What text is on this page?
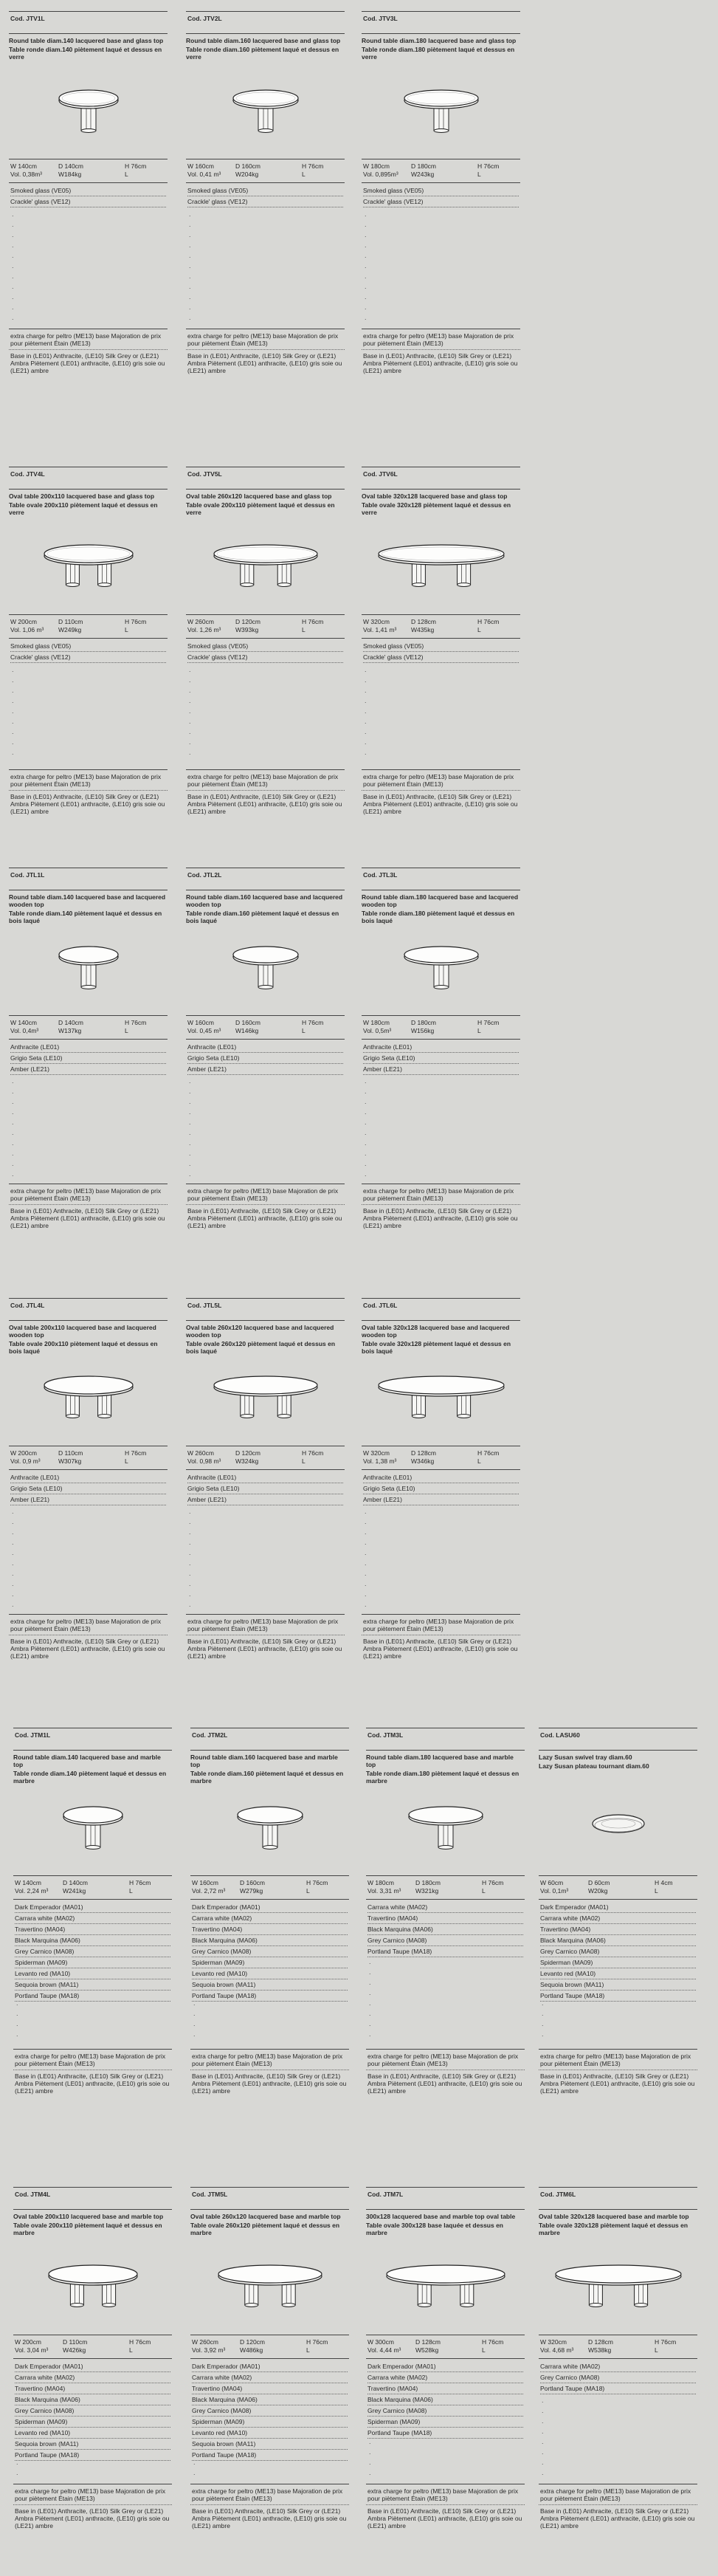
Cod. JTV1L
Round table diam.140 lacquered base and glass top
Table ronde diam.140 piètement laqué et dessus en verre
W 140cm	D 140cm	H 76cm
Vol. 0,38m³	W184kg	L
Smoked glass (VE05)
Crackle' glass (VE12)
.
.
.
.
.
.
.
.
.
.
.

extra charge for peltro (ME13) base Majoration de prix pour piètement Étain (ME13)
Base in (LE01) Anthracite, (LE10) Silk Grey or (LE21) Ambra Piètement (LE01) anthracite, (LE10) gris soie ou (LE21) ambre
Cod. JTV2L
Round table diam.160 lacquered base and glass top
Table ronde diam.160 piètement laqué et dessus en verre
W 160cm	D 160cm	H 76cm
Vol. 0,41 m³	W204kg	L
Smoked glass (VE05)
Crackle' glass (VE12)
.
.
.
.
.
.
.
.
.
.
.

extra charge for peltro (ME13) base Majoration de prix pour piètement Étain (ME13)
Base in (LE01) Anthracite, (LE10) Silk Grey or (LE21) Ambra Piètement (LE01) anthracite, (LE10) gris soie ou (LE21) ambre
Cod. JTV3L
Round table diam.180 lacquered base and glass top
Table ronde diam.180 piètement laqué et dessus en verre
W 180cm	D 180cm	H 76cm
Vol. 0,895m³	W243kg	L
Smoked glass (VE05)
Crackle' glass (VE12)
.
.
.
.
.
.
.
.
.
.
.

extra charge for peltro (ME13) base Majoration de prix pour piètement Étain (ME13)
Base in (LE01) Anthracite, (LE10) Silk Grey or (LE21) Ambra Piètement (LE01) anthracite, (LE10) gris soie ou (LE21) ambre
Cod. JTV4L
Oval table 200x110 lacquered base and glass top
Table ovale 200x110 piètement laqué et dessus en verre
W 200cm	D 110cm	H 76cm
Vol. 1,06 m³	W249kg	L
Smoked glass (VE05)
Crackle' glass (VE12)
.
.
.
.
.
.
.
.
.

extra charge for peltro (ME13) base Majoration de prix pour piètement Étain (ME13)
Base in (LE01) Anthracite, (LE10) Silk Grey or (LE21) Ambra Piètement (LE01) anthracite, (LE10) gris soie ou (LE21) ambre
Cod. JTV5L
Oval table 260x120 lacquered base and glass top
Table ovale 200x110 piètement laqué et dessus en verre
W 260cm	D 120cm	H 76cm
Vol. 1,26 m³	W393kg	L
Smoked glass (VE05)
Crackle' glass (VE12)
.
.
.
.
.
.
.
.
.

extra charge for peltro (ME13) base Majoration de prix pour piètement Étain (ME13)
Base in (LE01) Anthracite, (LE10) Silk Grey or (LE21) Ambra Piètement (LE01) anthracite, (LE10) gris soie ou (LE21) ambre
Cod. JTV6L
Oval table 320x128 lacquered base and glass top
Table ovale 320x128 piètement laqué et dessus en verre
W 320cm	D 128cm	H 76cm
Vol. 1,41 m³	W435kg	L
Smoked glass (VE05)
Crackle' glass (VE12)
.
.
.
.
.
.
.
.
.

extra charge for peltro (ME13) base Majoration de prix pour piètement Étain (ME13)
Base in (LE01) Anthracite, (LE10) Silk Grey or (LE21) Ambra Piètement (LE01) anthracite, (LE10) gris soie ou (LE21) ambre
Cod. JTL1L
Round table diam.140 lacquered base and lacquered wooden top
Table ronde diam.140 piètement laqué et dessus en bois laqué
W 140cm	D 140cm	H 76cm
Vol. 0,4m³	W137kg	L
Anthracite (LE01)
Grigio Seta (LE10)
Amber (LE21)
.
.
.
.
.
.
.
.
.
.

extra charge for peltro (ME13) base Majoration de prix pour piètement Étain (ME13)
Base in (LE01) Anthracite, (LE10) Silk Grey or (LE21) Ambra Piètement (LE01) anthracite, (LE10) gris soie ou (LE21) ambre
Cod. JTL2L
Round table diam.160 lacquered base and lacquered wooden top
Table ronde diam.160 piètement laqué et dessus en bois laqué
W 160cm	D 160cm	H 76cm
Vol. 0,45 m³	W146kg	L
Anthracite (LE01)
Grigio Seta (LE10)
Amber (LE21)
.
.
.
.
.
.
.
.
.
.

extra charge for peltro (ME13) base Majoration de prix pour piètement Étain (ME13)
Base in (LE01) Anthracite, (LE10) Silk Grey or (LE21) Ambra Piètement (LE01) anthracite, (LE10) gris soie ou (LE21) ambre
Cod. JTL3L
Round table diam.180 lacquered base and lacquered wooden top
Table ronde diam.180 piètement laqué et dessus en bois laqué
W 180cm	D 180cm	H 76cm
Vol. 0,5m³	W156kg	L
Anthracite (LE01)
Grigio Seta (LE10)
Amber (LE21)
.
.
.
.
.
.
.
.
.
.

extra charge for peltro (ME13) base Majoration de prix pour piètement Étain (ME13)
Base in (LE01) Anthracite, (LE10) Silk Grey or (LE21) Ambra Piètement (LE01) anthracite, (LE10) gris soie ou (LE21) ambre
Cod. JTL4L
Oval table 200x110 lacquered base and lacquered wooden top
Table ovale 200x110 piètement laqué et dessus en bois laqué
W 200cm	D 110cm	H 76cm
Vol. 0,9 m³	W307kg	L
Anthracite (LE01)
Grigio Seta (LE10)
Amber (LE21)
.
.
.
.
.
.
.
.
.
.

extra charge for peltro (ME13) base Majoration de prix pour piètement Étain (ME13)
Base in (LE01) Anthracite, (LE10) Silk Grey or (LE21) Ambra Piètement (LE01) anthracite, (LE10) gris soie ou (LE21) ambre
Cod. JTL5L
Oval table 260x120 lacquered base and lacquered wooden top
Table ovale 260x120 piètement laqué et dessus en bois laqué
W 260cm	D 120cm	H 76cm
Vol. 0,98 m³	W324kg	L
Anthracite (LE01)
Grigio Seta (LE10)
Amber (LE21)
.
.
.
.
.
.
.
.
.
.

extra charge for peltro (ME13) base Majoration de prix pour piètement Étain (ME13)
Base in (LE01) Anthracite, (LE10) Silk Grey or (LE21) Ambra Piètement (LE01) anthracite, (LE10) gris soie ou (LE21) ambre
Cod. JTL6L
Oval table 320x128 lacquered base and lacquered wooden top
Table ovale 320x128 piètement laqué et dessus en bois laqué
W 320cm	D 128cm	H 76cm
Vol. 1,38 m³	W346kg	L
Anthracite (LE01)
Grigio Seta (LE10)
Amber (LE21)
.
.
.
.
.
.
.
.
.
.

extra charge for peltro (ME13) base Majoration de prix pour piètement Étain (ME13)
Base in (LE01) Anthracite, (LE10) Silk Grey or (LE21) Ambra Piètement (LE01) anthracite, (LE10) gris soie ou (LE21) ambre
Cod. JTM1L
Round table diam.140 lacquered base and marble top
Table ronde diam.140 piètement laqué et dessus en marbre
W 140cm	D 140cm	H 76cm
Vol. 2,24 m³	W241kg	L
Dark Emperador (MA01)
Carrara white (MA02)
Travertino (MA04)
Black Marquina (MA06)
Grey Carnico (MA08)
Spiderman (MA09)
Levanto red (MA10)
Sequoia brown (MA11)
Portland Taupe (MA18)
.
.
.
.

extra charge for peltro (ME13) base Majoration de prix pour piètement Étain (ME13)
Base in (LE01) Anthracite, (LE10) Silk Grey or (LE21) Ambra Piètement (LE01) anthracite, (LE10) gris soie ou (LE21) ambre
Cod. JTM2L
Round table diam.160 lacquered base and marble top
Table ronde diam.160 piètement laqué et dessus en marbre
W 160cm	D 160cm	H 76cm
Vol. 2,72 m³	W279kg	L
Dark Emperador (MA01)
Carrara white (MA02)
Travertino (MA04)
Black Marquina (MA06)
Grey Carnico (MA08)
Spiderman (MA09)
Levanto red (MA10)
Sequoia brown (MA11)
Portland Taupe (MA18)
.
.
.
.

extra charge for peltro (ME13) base Majoration de prix pour piètement Étain (ME13)
Base in (LE01) Anthracite, (LE10) Silk Grey or (LE21) Ambra Piètement (LE01) anthracite, (LE10) gris soie ou (LE21) ambre
Cod. JTM3L
Round table diam.180 lacquered base and marble top
Table ronde diam.180 piètement laqué et dessus en marbre
W 180cm	D 180cm	H 76cm
Vol. 3,31 m³	W321kg	L
Carrara white (MA02)
Travertino (MA04)
Black Marquina (MA06)
Grey Carnico (MA08)
Portland Taupe (MA18)
.
.
.
.
.
.
.
.

extra charge for peltro (ME13) base Majoration de prix pour piètement Étain (ME13)
Base in (LE01) Anthracite, (LE10) Silk Grey or (LE21) Ambra Piètement (LE01) anthracite, (LE10) gris soie ou (LE21) ambre
Cod. LASU60
Lazy Susan swivel tray diam.60
Lazy Susan plateau tournant diam.60
W 60cm	D 60cm	H 4cm
Vol. 0,1m³	W20kg	L
Dark Emperador (MA01)
Carrara white (MA02)
Travertino (MA04)
Black Marquina (MA06)
Grey Carnico (MA08)
Spiderman (MA09)
Levanto red (MA10)
Sequoia brown (MA11)
Portland Taupe (MA18)
.
.
.
.

extra charge for peltro (ME13) base Majoration de prix pour piètement Étain (ME13)
Base in (LE01) Anthracite, (LE10) Silk Grey or (LE21) Ambra Piètement (LE01) anthracite, (LE10) gris soie ou (LE21) ambre
Cod. JTM4L
Oval table 200x110 lacquered base and marble top
Table ovale 200x110 piètement laqué et dessus en marbre
W 200cm	D 110cm	H 76cm
Vol. 3,04 m³	W426kg	L
Dark Emperador (MA01)
Carrara white (MA02)
Travertino (MA04)
Black Marquina (MA06)
Grey Carnico (MA08)
Spiderman (MA09)
Levanto red (MA10)
Sequoia brown (MA11)
Portland Taupe (MA18)
.
.

extra charge for peltro (ME13) base Majoration de prix pour piètement Étain (ME13)
Base in (LE01) Anthracite, (LE10) Silk Grey or (LE21) Ambra Piètement (LE01) anthracite, (LE10) gris soie ou (LE21) ambre
Cod. JTM5L
Oval table 260x120 lacquered base and marble top
Table ovale 260x120 piètement laqué et dessus en marbre
W 260cm	D 120cm	H 76cm
Vol. 3,92 m³	W486kg	L
Dark Emperador (MA01)
Carrara white (MA02)
Travertino (MA04)
Black Marquina (MA06)
Grey Carnico (MA08)
Spiderman (MA09)
Levanto red (MA10)
Sequoia brown (MA11)
Portland Taupe (MA18)
.
.

extra charge for peltro (ME13) base Majoration de prix pour piètement Étain (ME13)
Base in (LE01) Anthracite, (LE10) Silk Grey or (LE21) Ambra Piètement (LE01) anthracite, (LE10) gris soie ou (LE21) ambre
Cod. JTM7L
300x128 lacquered base and marble top oval table
Table ovale 300x128 base laquée et dessus en marbre
W 300cm	D 128cm	H 76cm
Vol. 4,44 m³	W528kg	L
Dark Emperador (MA01)
Carrara white (MA02)
Travertino (MA04)
Black Marquina (MA06)
Grey Carnico (MA08)
Spiderman (MA09)
Portland Taupe (MA18)
.
.
.
.

extra charge for peltro (ME13) base Majoration de prix pour piètement Étain (ME13)
Base in (LE01) Anthracite, (LE10) Silk Grey or (LE21) Ambra Piètement (LE01) anthracite, (LE10) gris soie ou (LE21) ambre
Cod. JTM6L
Oval table 320x128 lacquered base and marble top
Table ovale 320x128 piètement laqué et dessus en marbre
W 320cm	D 128cm	H 76cm
Vol. 4,68 m³	W538kg	L
Carrara white (MA02)
Grey Carnico (MA08)
Portland Taupe (MA18)
.
.
.
.
.
.
.
.

extra charge for peltro (ME13) base Majoration de prix pour piètement Étain (ME13)
Base in (LE01) Anthracite, (LE10) Silk Grey or (LE21) Ambra Piètement (LE01) anthracite, (LE10) gris soie ou (LE21) ambre
